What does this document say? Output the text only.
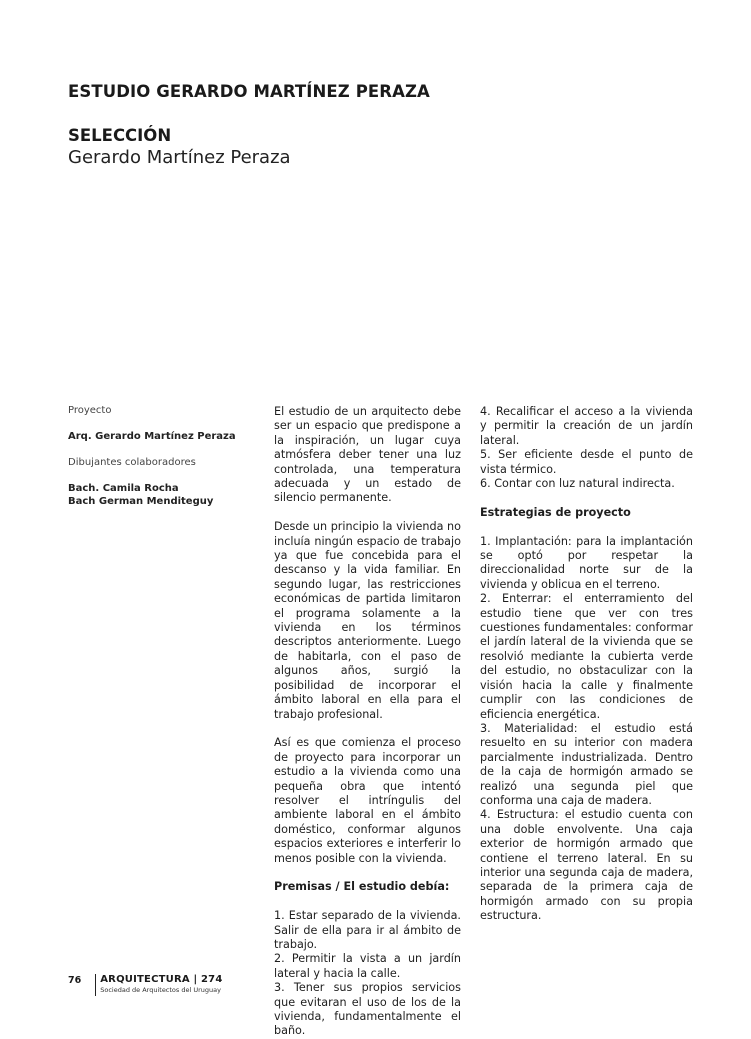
ESTUDIO GERARDO MARTÍNEZ PERAZA
SELECCIÓN
Gerardo Martínez Peraza

Proyecto

Arq. Gerardo Martínez Peraza

Dibujantes colaboradores

Bach. Camila Rocha

Bach German Menditeguy

El estudio de un arquitecto debe ser un espacio que predispone a la inspiración, un lugar cuya atmósfera deber tener una luz controlada, una temperatura adecuada y un estado de silencio permanente.

Desde un principio la vivienda no incluía ningún espacio de trabajo ya que fue concebida para el descanso y la vida familiar. En segundo lugar, las restricciones económicas de partida limitaron el programa solamente a la vivienda en los términos descriptos anteriormente. Luego de habitarla, con el paso de algunos años, surgió la posibilidad de incorporar el ámbito laboral en ella para el trabajo profesional.

Así es que comienza el proceso de proyecto para incorporar un estudio a la vivienda como una pequeña obra que intentó resolver el intríngulis del ambiente laboral en el ámbito doméstico, conformar algunos espacios exteriores e interferir lo menos posible con la vivienda.

Premisas / El estudio debía:

1. Estar separado de la vivienda. Salir de ella para ir al ámbito de trabajo.

2. Permitir la vista a un jardín lateral y hacia la calle.

3. Tener sus propios servicios que evitaran el uso de los de la vivienda, fundamentalmente el baño.

4. Recalificar el acceso a la vivienda y permitir la creación de un jardín lateral.

5. Ser eficiente desde el punto de vista térmico.

6. Contar con luz natural indirecta.

Estrategias de proyecto

1. Implantación: para la implantación se optó por respetar la direccionalidad norte sur de la vivienda y oblicua en el terreno.

2. Enterrar: el enterramiento del estudio tiene que ver con tres cuestiones fundamentales: conformar el jardín lateral de la vivienda que se resolvió mediante la cubierta verde del estudio, no obstaculizar con la visión hacia la calle y finalmente cumplir con las condiciones de eficiencia energética.

3. Materialidad: el estudio está resuelto en su interior con madera parcialmente industrializada. Dentro de la caja de hormigón armado se realizó una segunda piel que conforma una caja de madera.

4. Estructura: el estudio cuenta con una doble envolvente. Una caja exterior de hormigón armado que contiene el terreno lateral. En su interior una segunda caja de madera, separada de la primera caja de hormigón armado con su propia estructura.

76 ARQUITECTURA | 274
Sociedad de Arquitectos del Uruguay
